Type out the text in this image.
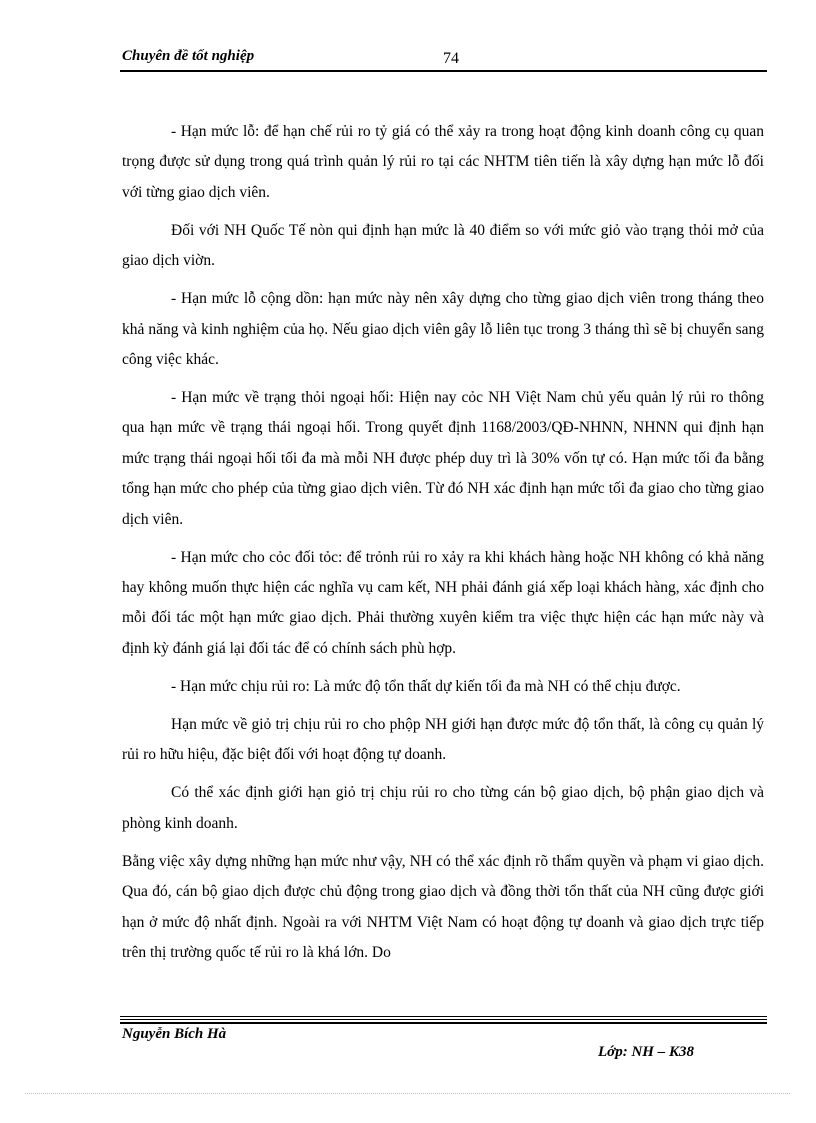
Chuyên đề tốt nghiệp	74

- Hạn mức lỗ: để hạn chế rủi ro tỷ giá có thể xảy ra trong hoạt động kinh doanh công cụ quan trọng được sử dụng trong quá trình quản lý rủi ro tại các NHTM tiên tiến là xây dựng hạn mức lỗ đối với từng giao dịch viên.

Đối với NH Quốc Tế nòn qui định hạn mức là 40 điểm so với mức giỏ vào trạng thỏi mở của giao dịch viờn.

- Hạn mức lỗ cộng dồn: hạn mức này nên xây dựng cho từng giao dịch viên trong tháng theo khả năng và kinh nghiệm của họ. Nếu giao dịch viên gây lỗ liên tục trong 3 tháng thì sẽ bị chuyển sang công việc khác.

- Hạn mức về trạng thỏi ngoại hối: Hiện nay cỏc NH Việt Nam chủ yếu quản lý rủi ro thông qua hạn mức về trạng thái ngoại hối. Trong quyết định 1168/2003/QĐ-NHNN, NHNN qui định hạn mức trạng thái ngoại hối tối đa mà mỗi NH được phép duy trì là 30% vốn tự có. Hạn mức tối đa bằng tổng hạn mức cho phép của từng giao dịch viên. Từ đó NH xác định hạn mức tối đa giao cho từng giao dịch viên.

- Hạn mức cho cỏc đối tỏc: để trỏnh rủi ro xảy ra khi khách hàng hoặc NH không có khả năng hay không muốn thực hiện các nghĩa vụ cam kết, NH phải đánh giá xếp loại khách hàng, xác định cho mỗi đối tác một hạn mức giao dịch. Phải thường xuyên kiểm tra việc thực hiện các hạn mức này và định kỳ đánh giá lại đối tác để có chính sách phù hợp.

- Hạn mức chịu rủi ro: Là mức độ tổn thất dự kiến tối đa mà NH có thể chịu được.

Hạn mức về giỏ trị chịu rủi ro cho phộp NH giới hạn được mức độ tổn thất, là công cụ quản lý rủi ro hữu hiệu, đặc biệt đối với hoạt động tự doanh.

Có thể xác định giới hạn giỏ trị chịu rủi ro cho từng cán bộ giao dịch, bộ phận giao dịch và phòng kinh doanh.

Bằng việc xây dựng những hạn mức như vậy, NH có thể xác định rõ thẩm quyền và phạm vi giao dịch. Qua đó, cán bộ giao dịch được chủ động trong giao dịch và đồng thời tổn thất của NH cũng được giới hạn ở mức độ nhất định. Ngoài ra với NHTM Việt Nam có hoạt động tự doanh và giao dịch trực tiếp trên thị trường quốc tế rủi ro là khá lớn. Do

Nguyễn Bích Hà
Lớp: NH – K38
